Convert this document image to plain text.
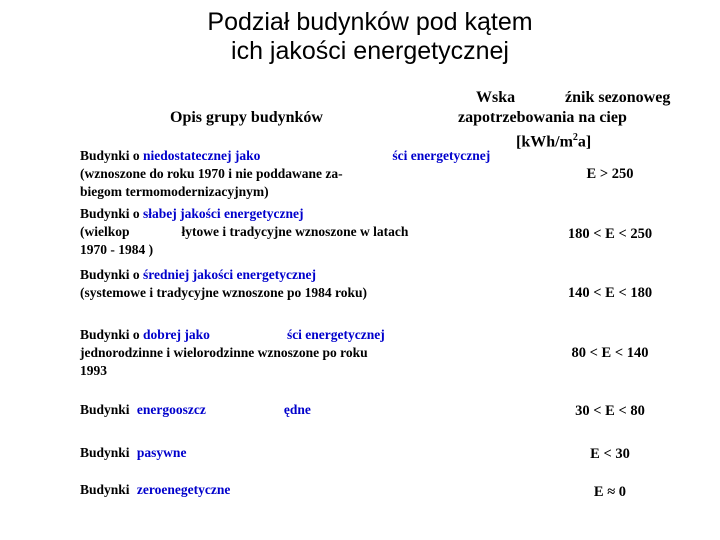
Podział budynków pod kątem
ich jakości energetycznej
Opis grupy budynków
Wska	źnik sezonoweg
zapotrzebowania na ciep
$[kWh/m^2a]$
Budynki o niedostatecznej jako	ści energetycznej
(wznoszone do roku 1970 i nie poddawane za-
biegom termomodernizacyjnym)
E > 250
Budynki o słabej jakości energetycznej
(wielkop	łytowe i tradycyjne wznoszone w latach
1970 - 1984 )
180 < E < 250
Budynki o średniej jakości energetycznej
(systemowe i tradycyjne wznoszone po 1984 roku)	140 < E < 180
Budynki o dobrej jako	ści energetycznej
jednorodzinne i wielorodzinne wznoszone po roku
1993
80 < E < 140
Budynki energooszcz	ędne	30 < E < 80
Budynki pasywne	E < 30
Budynki zeroenegetyczne	E ≈ 0
